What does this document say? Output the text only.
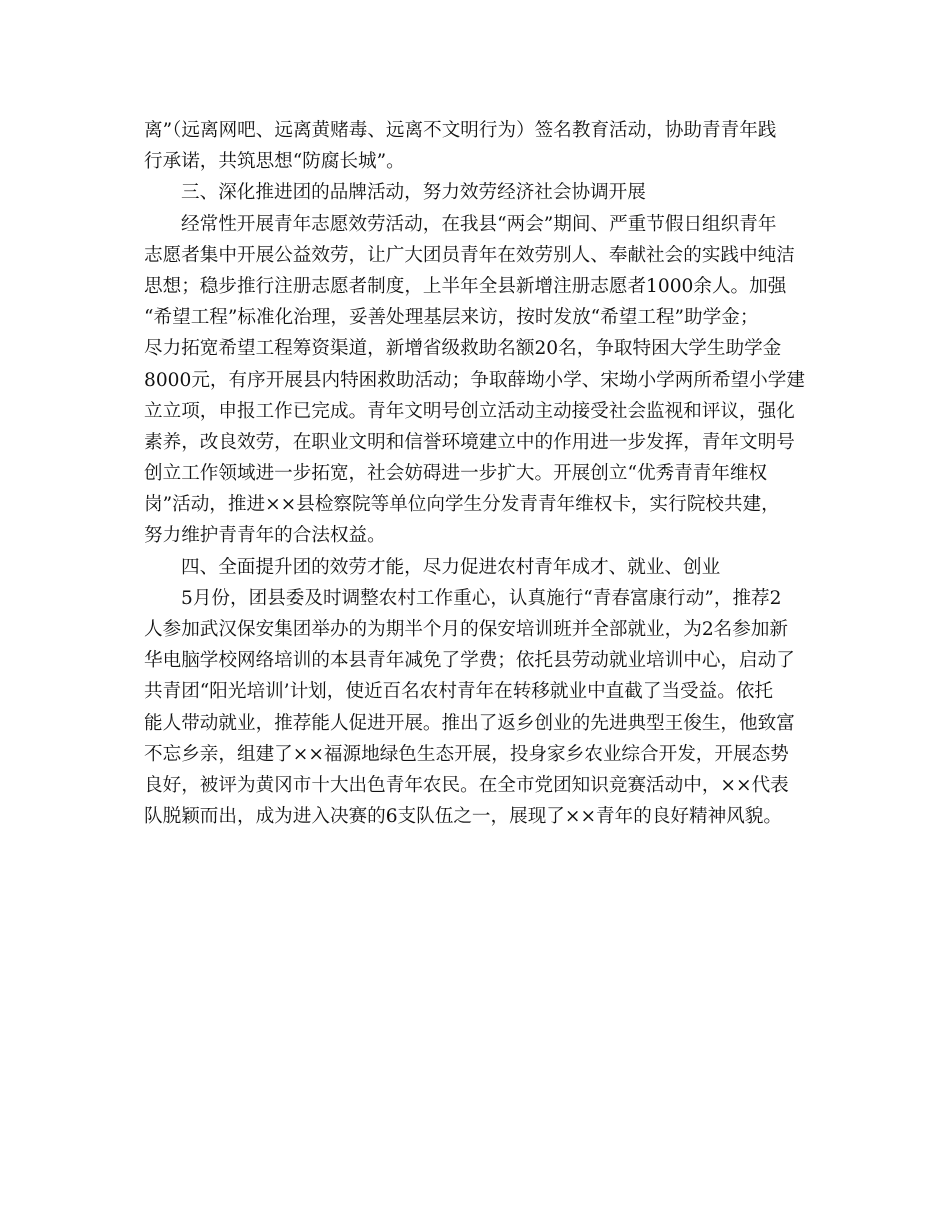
离”（远离网吧、远离黄赌毒、远离不文明行为）签名教育活动，协助青青年践
行承诺，共筑思想“防腐长城”。
三、深化推进团的品牌活动，努力效劳经济社会协调开展
经常性开展青年志愿效劳活动，在我县“两会”期间、严重节假日组织青年
志愿者集中开展公益效劳，让广大团员青年在效劳别人、奉献社会的实践中纯洁
思想；稳步推行注册志愿者制度，上半年全县新增注册志愿者1000余人。加强
“希望工程”标准化治理，妥善处理基层来访，按时发放“希望工程”助学金；
尽力拓宽希望工程筹资渠道，新增省级救助名额20名，争取特困大学生助学金
8000元，有序开展县内特困救助活动；争取薛坳小学、宋坳小学两所希望小学建
立立项，申报工作已完成。青年文明号创立活动主动接受社会监视和评议，强化
素养，改良效劳，在职业文明和信誉环境建立中的作用进一步发挥，青年文明号
创立工作领域进一步拓宽，社会妨碍进一步扩大。开展创立“优秀青青年维权
岗”活动，推进××县检察院等单位向学生分发青青年维权卡，实行院校共建，
努力维护青青年的合法权益。
四、全面提升团的效劳才能，尽力促进农村青年成才、就业、创业
5月份，团县委及时调整农村工作重心，认真施行“青春富康行动”，推荐2
人参加武汉保安集团举办的为期半个月的保安培训班并全部就业，为2名参加新
华电脑学校网络培训的本县青年减免了学费；依托县劳动就业培训中心，启动了
共青团“阳光培训’计划，使近百名农村青年在转移就业中直截了当受益。依托
能人带动就业，推荐能人促进开展。推出了返乡创业的先进典型王俊生，他致富
不忘乡亲，组建了××福源地绿色生态开展，投身家乡农业综合开发，开展态势
良好，被评为黄冈市十大出色青年农民。在全市党团知识竞赛活动中，××代表
队脱颖而出，成为进入决赛的6支队伍之一，展现了××青年的良好精神风貌。
